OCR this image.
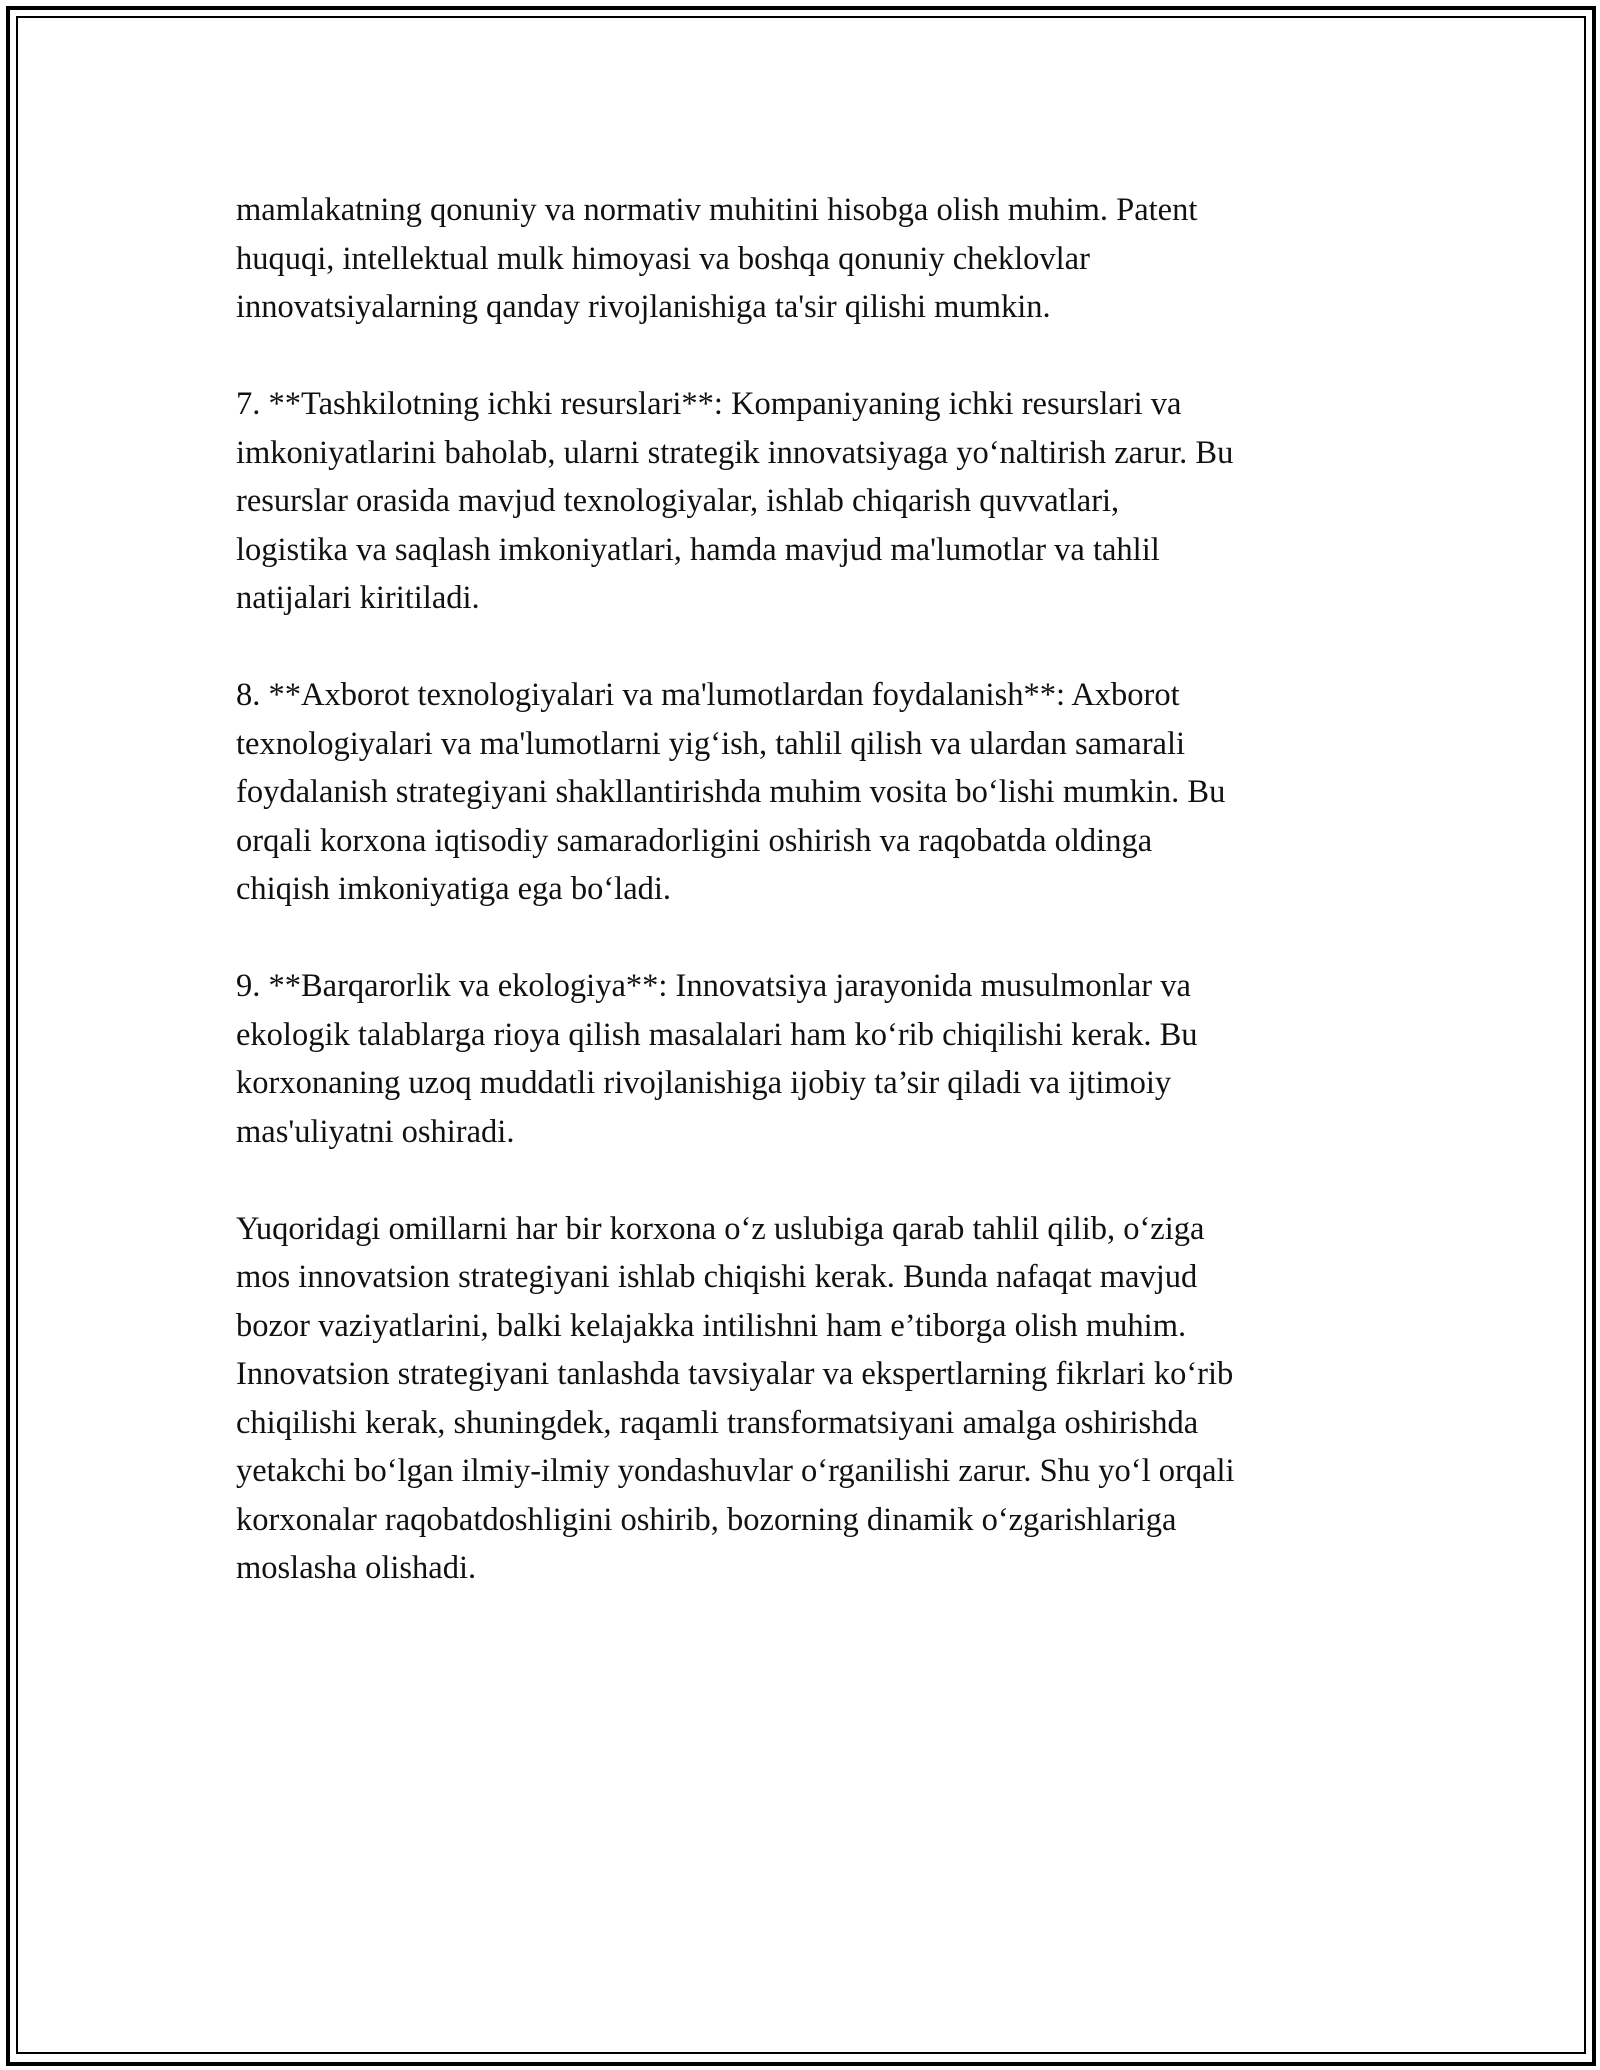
mamlakatning qonuniy va normativ muhitini hisobga olish muhim. Patent
huquqi, intellektual mulk himoyasi va boshqa qonuniy cheklovlar
innovatsiyalarning qanday rivojlanishiga ta'sir qilishi mumkin.

7. **Tashkilotning ichki resurslari**: Kompaniyaning ichki resurslari va
imkoniyatlarini baholab, ularni strategik innovatsiyaga yo‘naltirish zarur. Bu
resurslar orasida mavjud texnologiyalar, ishlab chiqarish quvvatlari,
logistika va saqlash imkoniyatlari, hamda mavjud ma'lumotlar va tahlil
natijalari kiritiladi.

8. **Axborot texnologiyalari va ma'lumotlardan foydalanish**: Axborot
texnologiyalari va ma'lumotlarni yig‘ish, tahlil qilish va ulardan samarali
foydalanish strategiyani shakllantirishda muhim vosita bo‘lishi mumkin. Bu
orqali korxona iqtisodiy samaradorligini oshirish va raqobatda oldinga
chiqish imkoniyatiga ega bo‘ladi.

9. **Barqarorlik va ekologiya**: Innovatsiya jarayonida musulmonlar va
ekologik talablarga rioya qilish masalalari ham ko‘rib chiqilishi kerak. Bu
korxonaning uzoq muddatli rivojlanishiga ijobiy ta’sir qiladi va ijtimoiy
mas'uliyatni oshiradi.

Yuqoridagi omillarni har bir korxona o‘z uslubiga qarab tahlil qilib, o‘ziga
mos innovatsion strategiyani ishlab chiqishi kerak. Bunda nafaqat mavjud
bozor vaziyatlarini, balki kelajakka intilishni ham e’tiborga olish muhim.
Innovatsion strategiyani tanlashda tavsiyalar va ekspertlarning fikrlari ko‘rib
chiqilishi kerak, shuningdek, raqamli transformatsiyani amalga oshirishda
yetakchi bo‘lgan ilmiy-ilmiy yondashuvlar o‘rganilishi zarur. Shu yo‘l orqali
korxonalar raqobatdoshligini oshirib, bozorning dinamik o‘zgarishlariga
moslasha olishadi.
